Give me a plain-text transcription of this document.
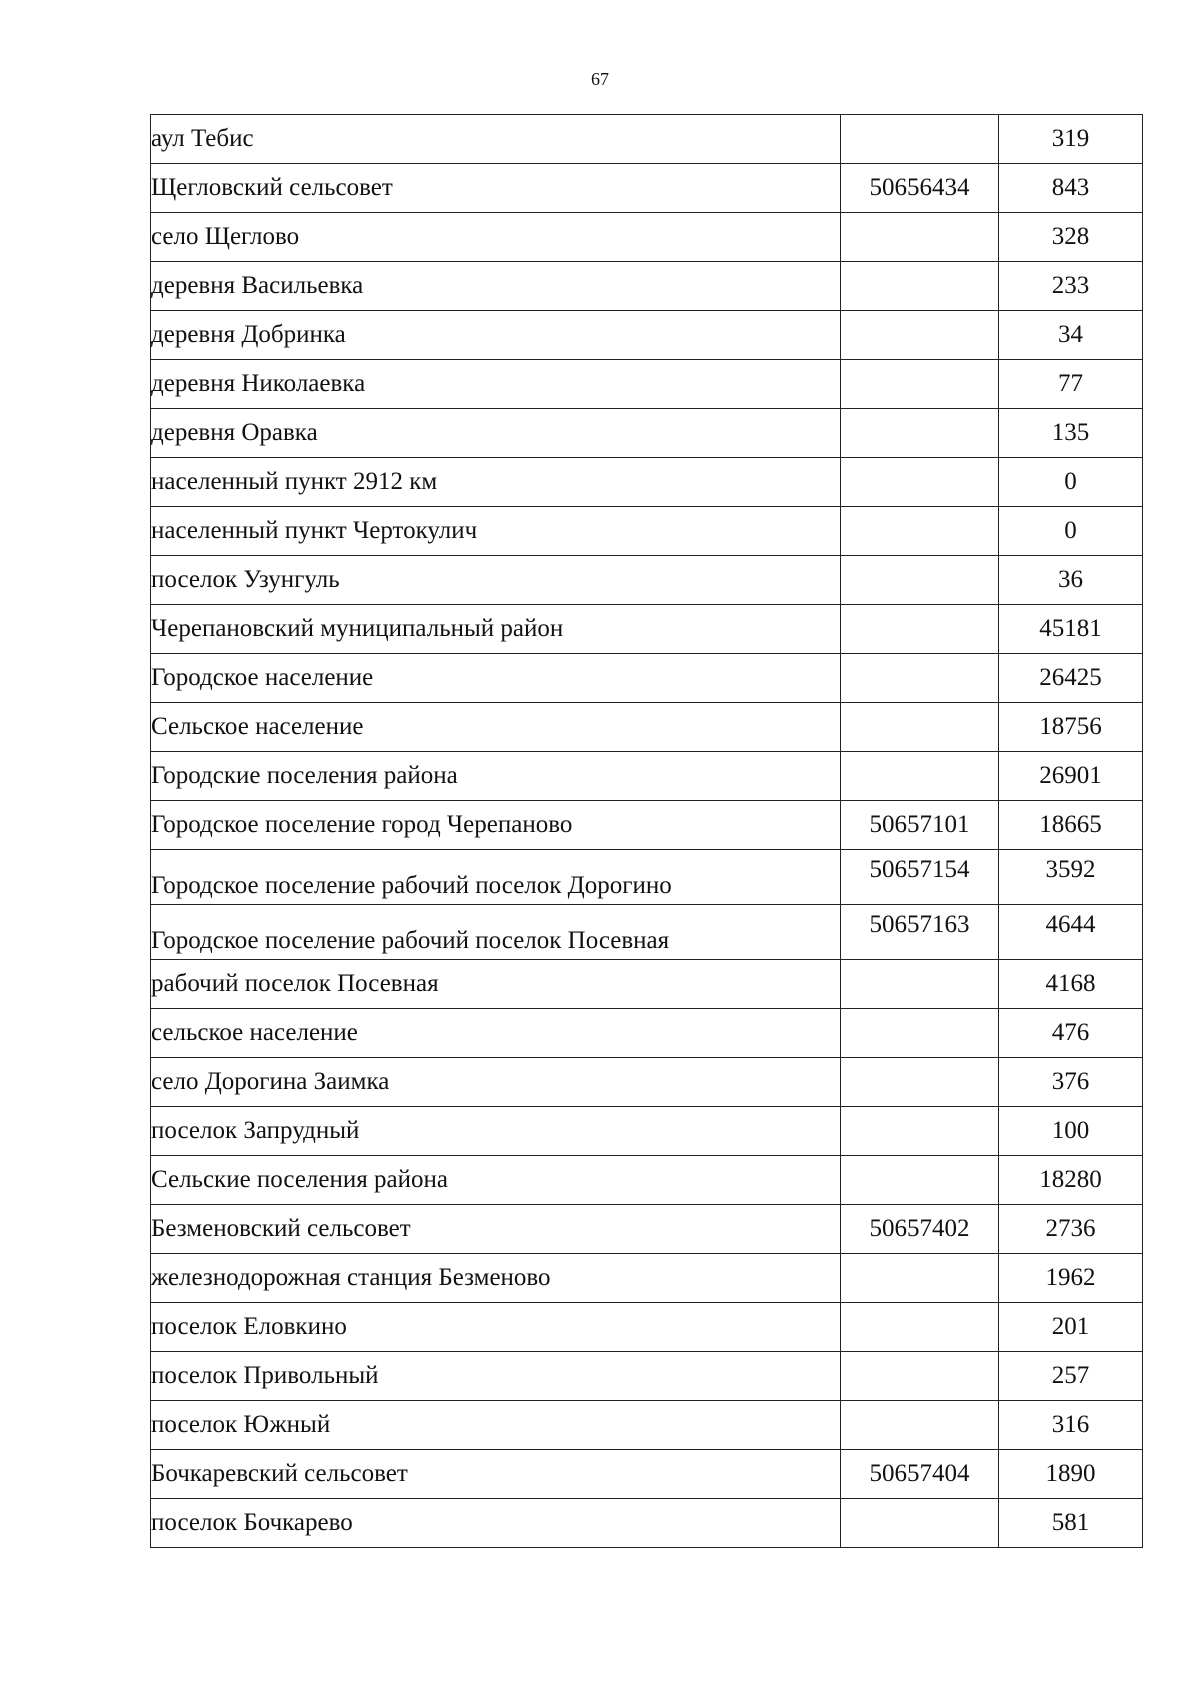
67
аул Тебис		319
Щегловский сельсовет	50656434	843
село Щеглово		328
деревня Васильевка		233
деревня Добринка		34
деревня Николаевка		77
деревня Оравка		135
населенный пункт 2912 км		0
населенный пункт Чертокулич		0
поселок Узунгуль		36
Черепановский муниципальный район		45181
Городское население		26425
Сельское население		18756
Городские поселения района		26901
Городское поселение город Черепаново	50657101	18665
Городское поселение рабочий поселок Дорогино	50657154	3592
Городское поселение рабочий поселок Посевная	50657163	4644
рабочий поселок Посевная		4168
сельское население		476
село Дорогина Заимка		376
поселок Запрудный		100
Сельские поселения района		18280
Безменовский сельсовет	50657402	2736
железнодорожная станция Безменово		1962
поселок Еловкино		201
поселок Привольный		257
поселок Южный		316
Бочкаревский сельсовет	50657404	1890
поселок Бочкарево		581
